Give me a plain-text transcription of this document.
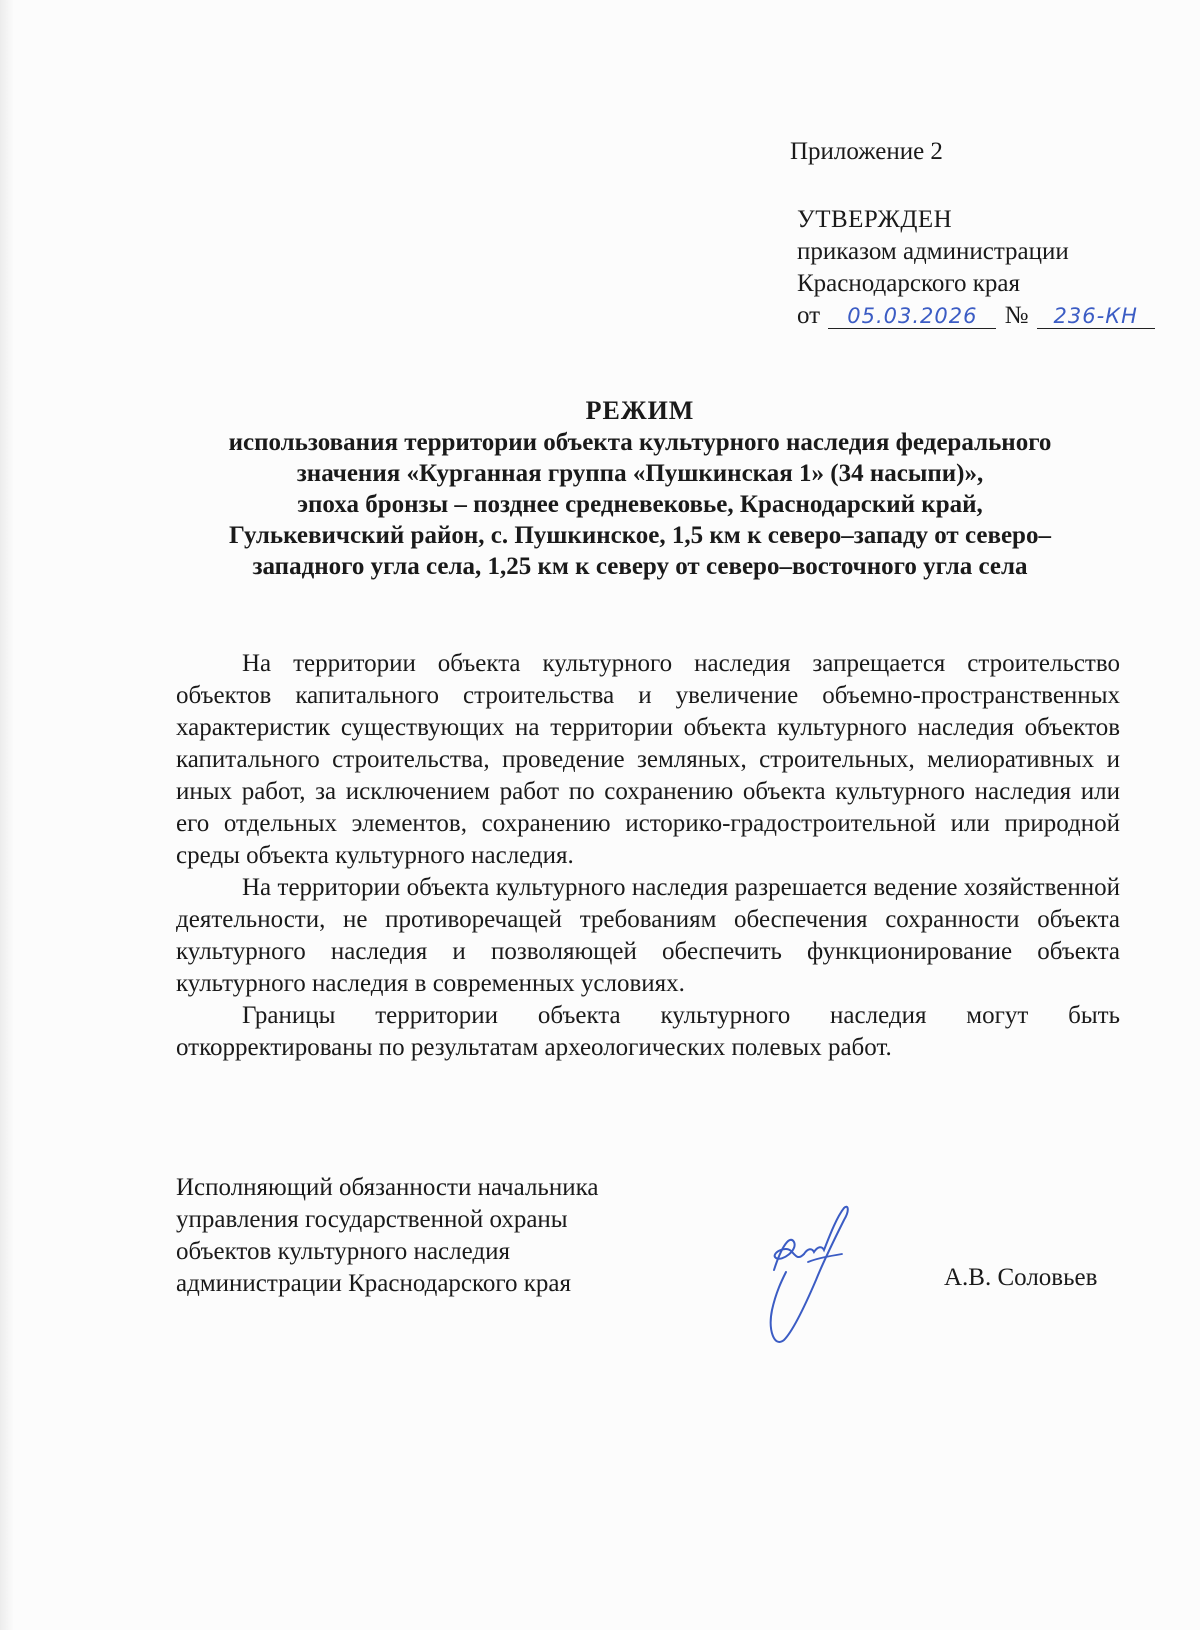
Приложение 2
УТВЕРЖДЕН
приказом администрации
Краснодарского края
от 05.03.2026 № 236-КН
РЕЖИМ
использования территории объекта культурного наследия федерального
значения «Курганная группа «Пушкинская 1» (34 насыпи)»,
эпоха бронзы – позднее средневековье, Краснодарский край,
Гулькевичский район, с. Пушкинское, 1,5 км к северо–западу от северо–
западного угла села, 1,25 км к северу от северо–восточного угла села

На территории объекта культурного наследия запрещается строительство объектов капитального строительства и увеличение объемно-пространственных характеристик существующих на территории объекта культурного наследия объектов капитального строительства, проведение земляных, строительных, мелиоративных и иных работ, за исключением работ по сохранению объекта культурного наследия или его отдельных элементов, сохранению историко-градостроительной или природной среды объекта культурного наследия.

На территории объекта культурного наследия разрешается ведение хозяйственной деятельности, не противоречащей требованиям обеспечения сохранности объекта культурного наследия и позволяющей обеспечить функционирование объекта культурного наследия в современных условиях.

Границы территории объекта культурного наследия могут быть откорректированы по результатам археологических полевых работ.

Исполняющий обязанности начальника
управления государственной охраны
объектов культурного наследия
администрации Краснодарского края	А.В. Соловьев
